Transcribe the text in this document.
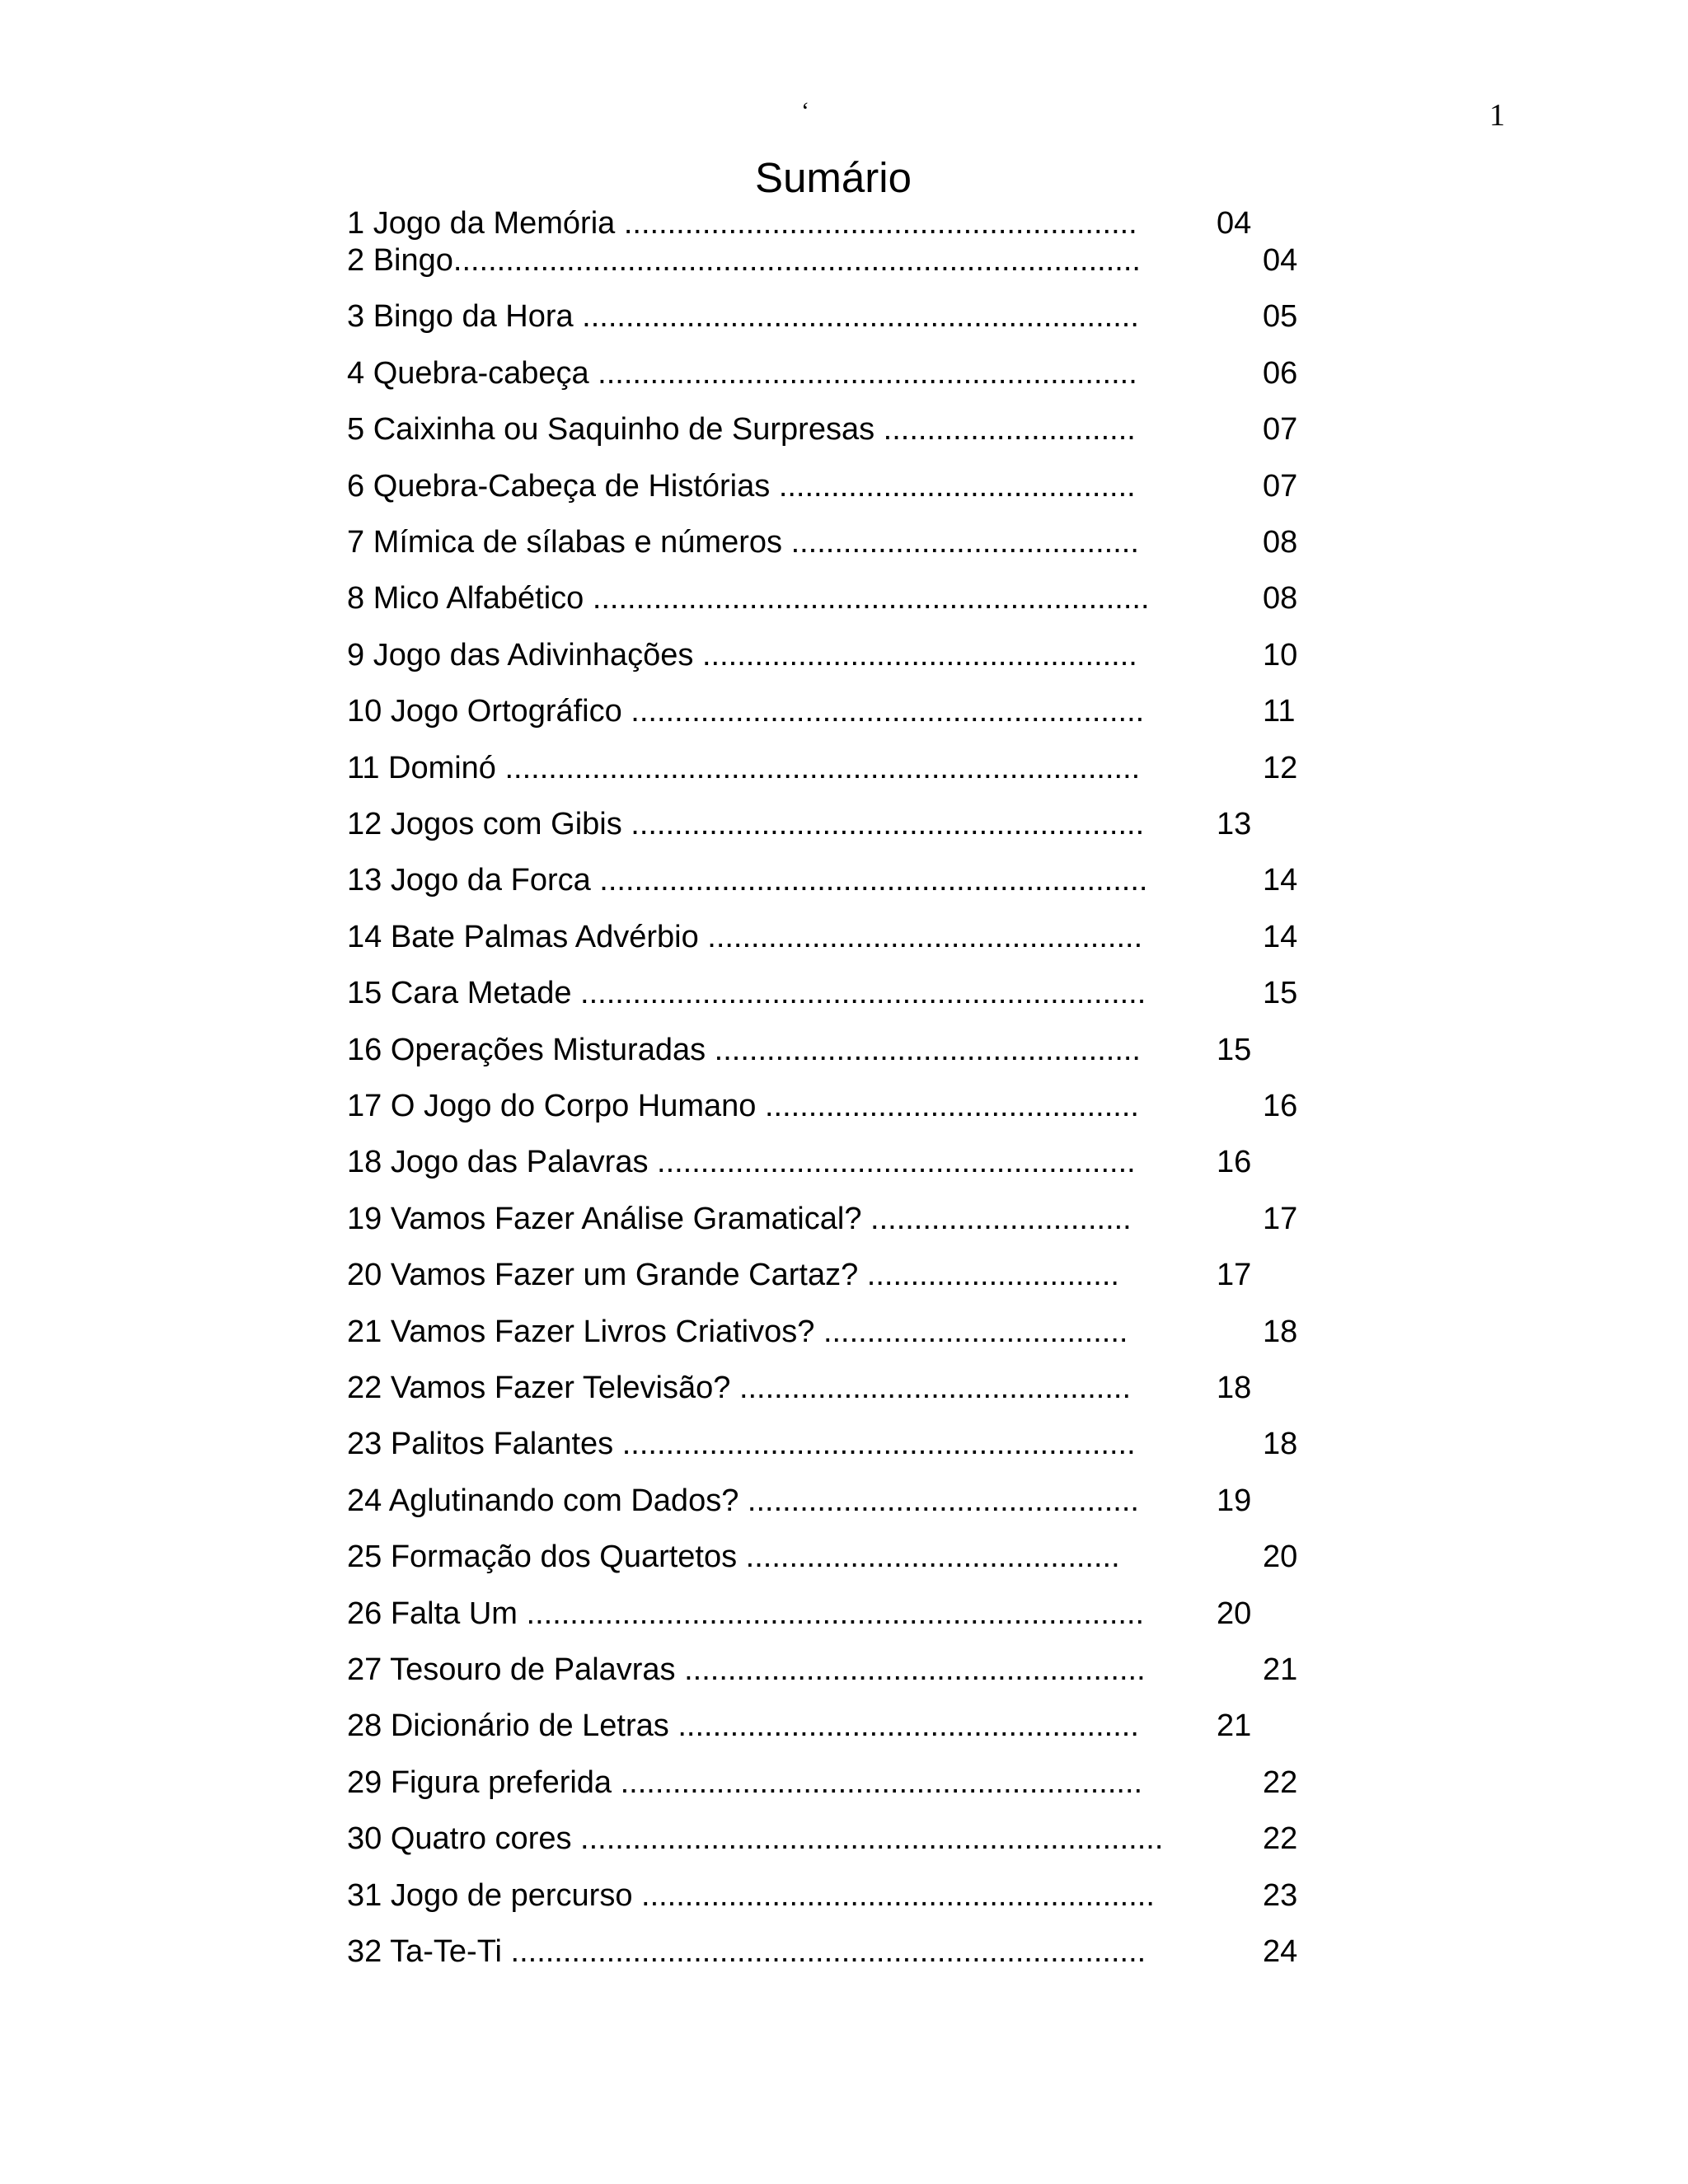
‘	1
Sumário
1 Jogo da Memória ...........................................................	04
2 Bingo...............................................................................	04
3 Bingo da Hora ................................................................	05
4 Quebra-cabeça ..............................................................	06
5 Caixinha ou Saquinho de Surpresas .............................	07
6 Quebra-Cabeça de Histórias .........................................	07
7 Mímica de sílabas e números ........................................	08
8 Mico Alfabético ................................................................	08
9 Jogo das Adivinhações ..................................................	10
10 Jogo Ortográfico ...........................................................	11
11 Dominó .........................................................................	12
12 Jogos com Gibis ...........................................................	13
13 Jogo da Forca ...............................................................	14
14 Bate Palmas Advérbio ..................................................	14
15 Cara Metade .................................................................	15
16 Operações Misturadas .................................................	15
17 O Jogo do Corpo Humano ...........................................	16
18 Jogo das Palavras .......................................................	16
19 Vamos Fazer Análise Gramatical? ..............................	17
20 Vamos Fazer um Grande Cartaz? .............................	17
21 Vamos Fazer Livros Criativos? ...................................	18
22 Vamos Fazer Televisão? .............................................	18
23 Palitos Falantes ...........................................................	18
24 Aglutinando com Dados? .............................................	19
25 Formação dos Quartetos ...........................................	20
26 Falta Um .......................................................................	20
27 Tesouro de Palavras .....................................................	21
28 Dicionário de Letras .....................................................	21
29 Figura preferida ............................................................	22
30 Quatro cores ...................................................................	22
31 Jogo de percurso ...........................................................	23
32 Ta-Te-Ti .........................................................................	24
